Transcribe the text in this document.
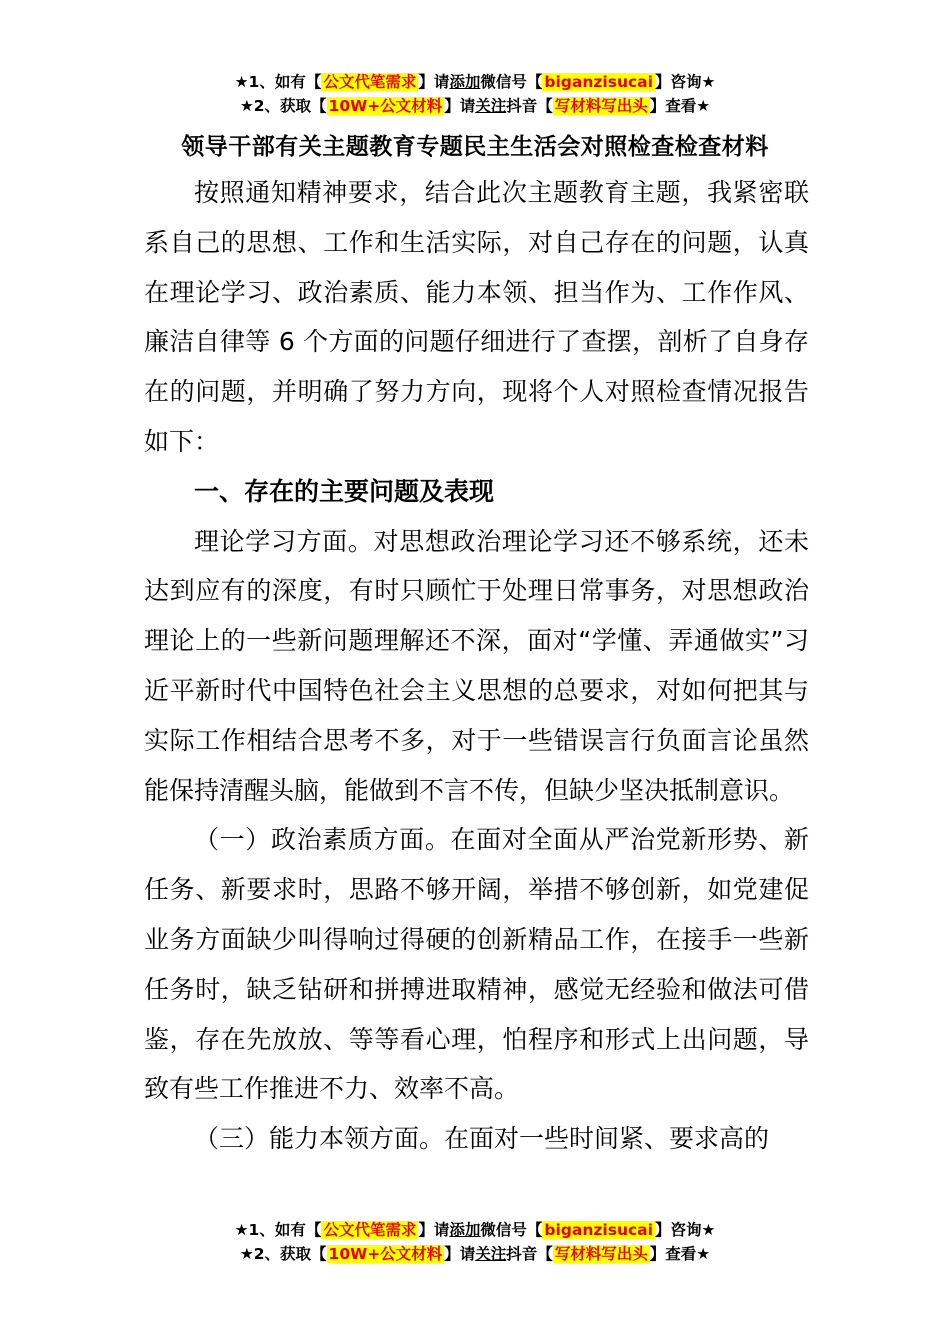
★1、如有【 公文代笔需求 】请添加微信号【 biganzisucai 】咨询★
★2、获取【 10W+公文材料 】请关注抖音【 写材料写出头 】查看★
领导干部有关主题教育专题民主生活会对照检查检查材料

按照通知精神要求，结合此次主题教育主题，我紧密联系自己的思想、工作和生活实际，对自己存在的问题，认真在理论学习、政治素质、能力本领、担当作为、工作作风、廉洁自律等 6 个方面的问题仔细进行了查摆，剖析了自身存在的问题，并明确了努力方向，现将个人对照检查情况报告如下：

一、存在的主要问题及表现

理论学习方面。对思想政治理论学习还不够系统，还未达到应有的深度，有时只顾忙于处理日常事务，对思想政治理论上的一些新问题理解还不深，面对“学懂、弄通做实”习近平新时代中国特色社会主义思想的总要求，对如何把其与实际工作相结合思考不多，对于一些错误言行负面言论虽然能保持清醒头脑，能做到不言不传，但缺少坚决抵制意识。

（一）政治素质方面。在面对全面从严治党新形势、新任务、新要求时，思路不够开阔，举措不够创新，如党建促业务方面缺少叫得响过得硬的创新精品工作，在接手一些新任务时，缺乏钻研和拼搏进取精神，感觉无经验和做法可借鉴，存在先放放、等等看心理，怕程序和形式上出问题，导致有些工作推进不力、效率不高。

（三）能力本领方面。在面对一些时间紧、要求高的

★1、如有【 公文代笔需求 】请添加微信号【 biganzisucai 】咨询★
★2、获取【 10W+公文材料 】请关注抖音【 写材料写出头 】查看★
